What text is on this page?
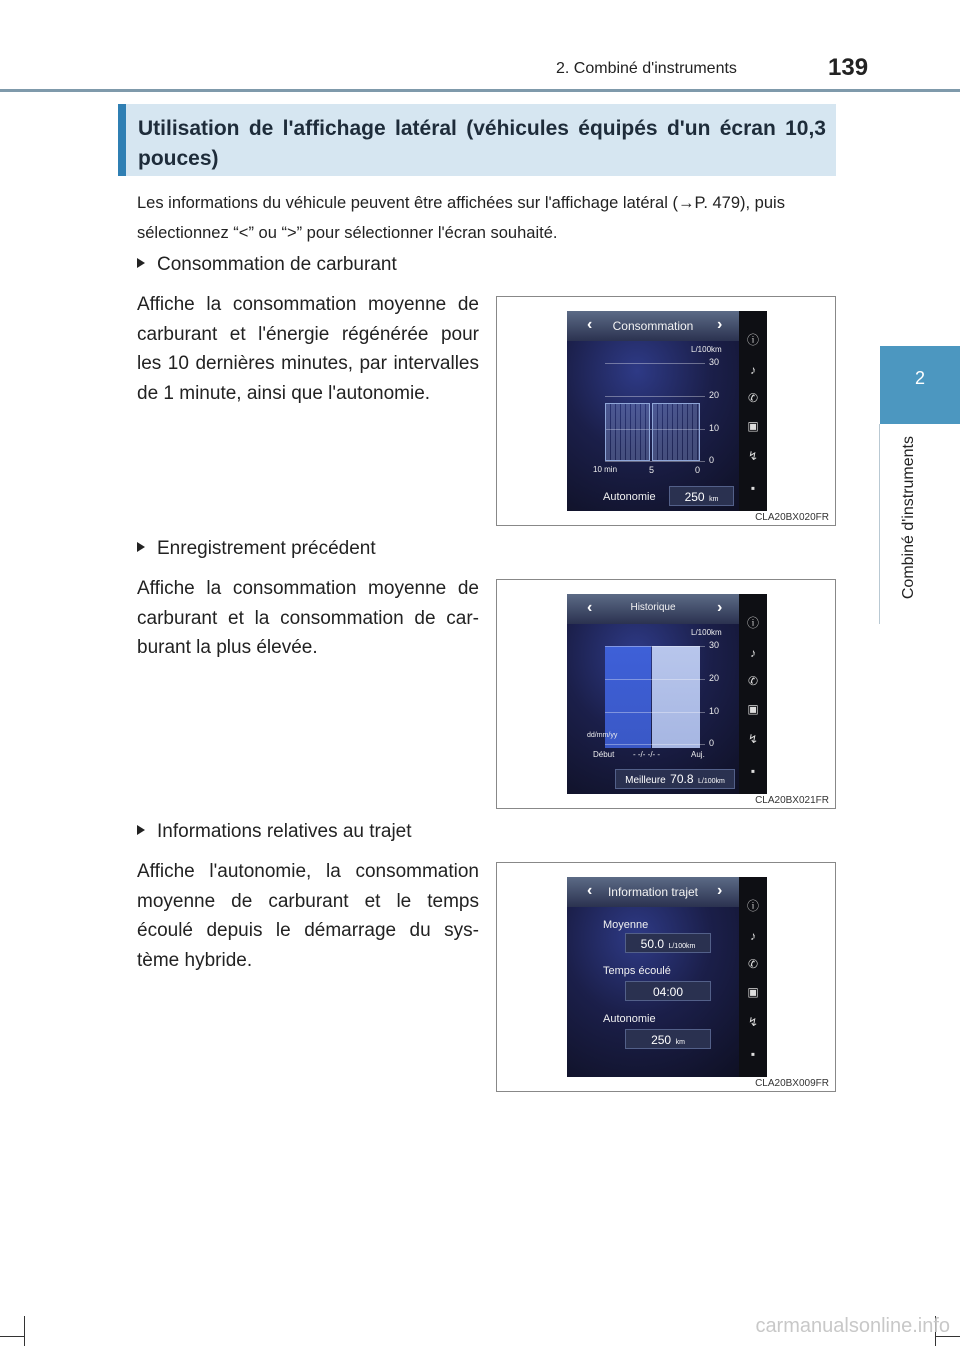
2. Combiné d'instruments	139
2
Combiné d'instruments
Utilisation de l'affichage latéral (véhicules équipés d'un écran 10,3 pouces)
Les informations du véhicule peuvent être affichées sur l'affichage latéral (→P. 479), puis sélectionnez “<” ou “>” pour sélectionner l'écran souhaité.
Consommation de carburant
Affiche la consommation moyenne de carburant et l'énergie régénérée pour les 10 dernières minutes, par intervalles de 1 minute, ainsi que l'autonomie.
‹	Consommation	›
L/100km
30
20
10
0
10 min	5	0
Autonomie	250 km
ⓘ
♪
✆
▣
↯
▪
CLA20BX020FR
Enregistrement précédent
Affiche la consommation moyenne de carburant et la consommation de car-burant la plus élevée.
‹	Historique	›
L/100km
30
20
10
0
dd/mm/yy
Début - -/- -/- -	Auj.
Meilleure 70.8 L/100km
ⓘ
♪
✆
▣
↯
▪
CLA20BX021FR
Informations relatives au trajet
Affiche l'autonomie, la consommation moyenne de carburant et le temps écoulé depuis le démarrage du sys-tème hybride.
‹	Information trajet	›
Moyenne
50.0 L/100km
Temps écoulé
04:00
Autonomie
250 km
ⓘ
♪
✆
▣
↯
▪
CLA20BX009FR
carmanualsonline.info
